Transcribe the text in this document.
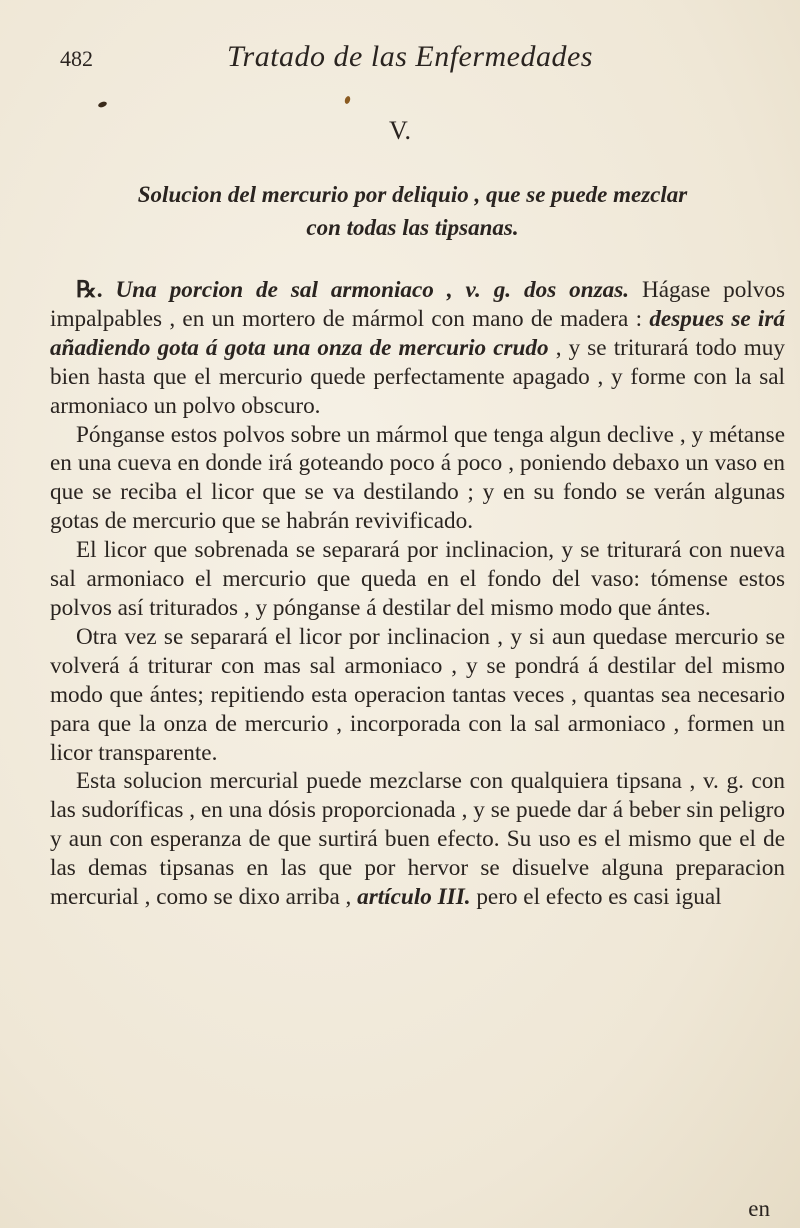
482	Tratado de las Enfermedades
V.
Solucion del mercurio por deliquio , que se puede mezclar
con todas las tipsanas.

℞. Una porcion de sal armoniaco , v. g. dos onzas. Hágase polvos impalpables , en un mortero de mármol con mano de madera : despues se irá añadiendo gota á gota una onza de mercurio crudo , y se triturará todo muy bien hasta que el mercurio quede perfectamente apagado , y forme con la sal armoniaco un polvo obscuro.

Pónganse estos polvos sobre un mármol que tenga algun declive , y métanse en una cueva en donde irá goteando poco á poco , poniendo debaxo un vaso en que se reciba el licor que se va destilando ; y en su fondo se verán algunas gotas de mercurio que se habrán revivificado.

El licor que sobrenada se separará por inclinacion, y se triturará con nueva sal armoniaco el mercurio que queda en el fondo del vaso: tómense estos polvos así triturados , y pónganse á destilar del mismo modo que ántes.

Otra vez se separará el licor por inclinacion , y si aun quedase mercurio se volverá á triturar con mas sal armoniaco , y se pondrá á destilar del mismo modo que ántes; repitiendo esta operacion tantas veces , quantas sea necesario para que la onza de mercurio , incorporada con la sal armoniaco , formen un licor transparente.

Esta solucion mercurial puede mezclarse con qualquiera tipsana , v. g. con las sudoríficas , en una dósis proporcionada , y se puede dar á beber sin peligro y aun con esperanza de que surtirá buen efecto. Su uso es el mismo que el de las demas tipsanas en las que por hervor se disuelve alguna preparacion mercurial , como se dixo arriba , artículo III. pero el efecto es casi igual

en
